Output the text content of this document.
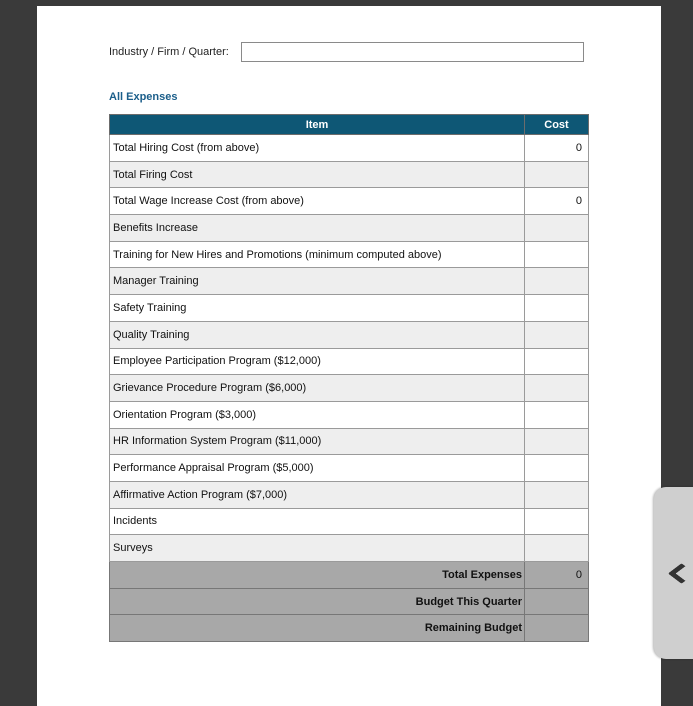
Industry / Firm / Quarter:
All Expenses
Item	Cost
Total Hiring Cost (from above)	0
Total Firing Cost	
Total Wage Increase Cost (from above)	0
Benefits Increase	
Training for New Hires and Promotions (minimum computed above)	
Manager Training	
Safety Training	
Quality Training	
Employee Participation Program ($12,000)	
Grievance Procedure Program ($6,000)	
Orientation Program ($3,000)	
HR Information System Program ($11,000)	
Performance Appraisal Program ($5,000)	
Affirmative Action Program ($7,000)	
Incidents	
Surveys	
Total Expenses	0
Budget This Quarter	
Remaining Budget	
